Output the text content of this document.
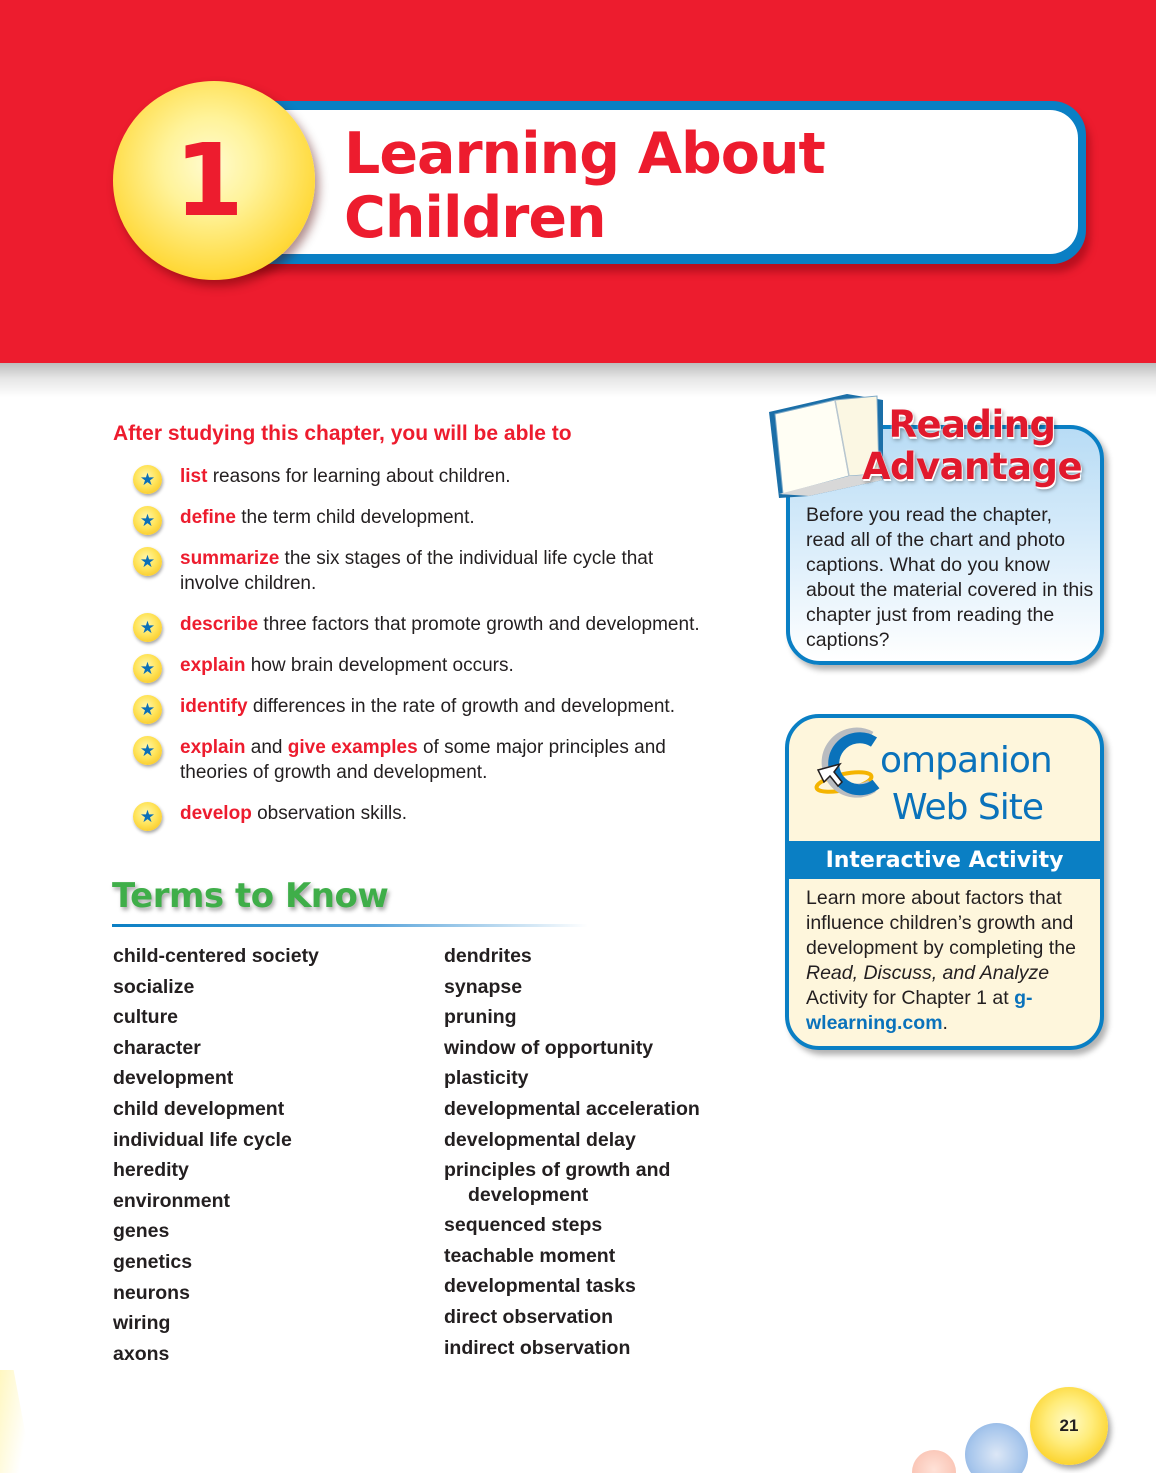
Learning About
Children
1
After studying this chapter, you will be able to
★	list reasons for learning about children.
★	define the term child development.
★	summarize the six stages of the individual life cycle that involve children.
★	describe three factors that promote growth and development.
★	explain how brain development occurs.
★	identify differences in the rate of growth and development.
★	explain and give examples of some major principles and theories of growth and development.
★	develop observation skills.
Terms to Know
child-centered society
socialize
culture
character
development
child development
individual life cycle
heredity
environment
genes
genetics
neurons
wiring
axons
dendrites
synapse
pruning
window of opportunity
plasticity
developmental acceleration
developmental delay
principles of growth and
development
sequenced steps
teachable moment
developmental tasks
direct observation
indirect observation
Reading
Advantage

Before you read the chapter, read all of the chart and photo captions. What do you know about the material covered in this chapter just from reading the captions?

ompanion
Web Site
Interactive Activity

Learn more about factors that influence children’s growth and development by completing the Read, Discuss, and Analyze Activity for Chapter 1 at g-wlearning.com.

21
